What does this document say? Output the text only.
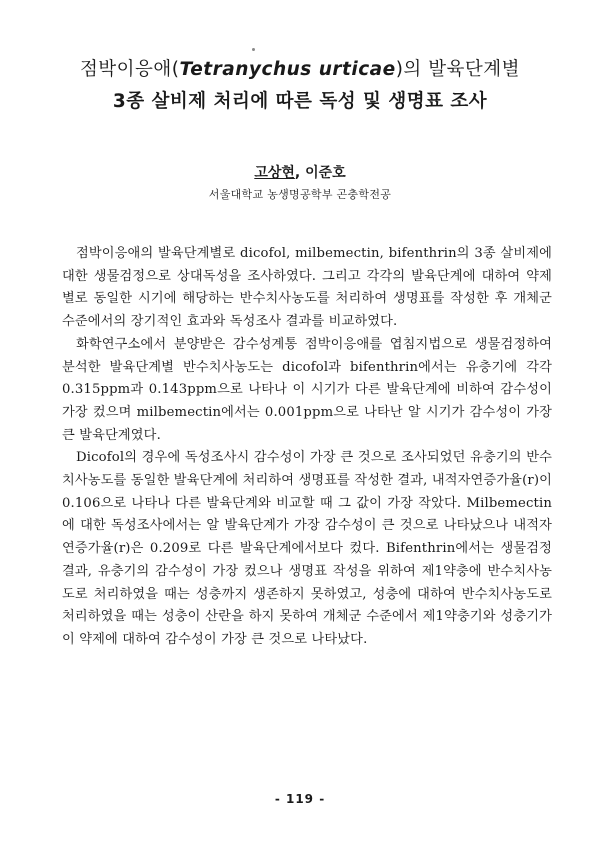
점박이응애(Tetranychus urticae)의 발육단계별
3종 살비제 처리에 따른 독성 및 생명표 조사
고상현, 이준호
서울대학교 농생명공학부 곤충학전공

점박이응애의 발육단계별로 dicofol, milbemectin, bifenthrin의 3종 살비제에 대한 생물검정으로 상대독성을 조사하였다. 그리고 각각의 발육단계에 대하여 약제별로 동일한 시기에 해당하는 반수치사농도를 처리하여 생명표를 작성한 후 개체군 수준에서의 장기적인 효과와 독성조사 결과를 비교하였다.

화학연구소에서 분양받은 감수성계통 점박이응애를 엽침지법으로 생물검정하여 분석한 발육단계별 반수치사농도는 dicofol과 bifenthrin에서는 유충기에 각각 0.315ppm과 0.143ppm으로 나타나 이 시기가 다른 발육단계에 비하여 감수성이 가장 컸으며 milbemectin에서는 0.001ppm으로 나타난 알 시기가 감수성이 가장 큰 발육단계였다.

Dicofol의 경우에 독성조사시 감수성이 가장 큰 것으로 조사되었던 유충기의 반수치사농도를 동일한 발육단계에 처리하여 생명표를 작성한 결과, 내적자연증가율(r)이 0.106으로 나타나 다른 발육단계와 비교할 때 그 값이 가장 작았다. Milbemectin에 대한 독성조사에서는 알 발육단계가 가장 감수성이 큰 것으로 나타났으나 내적자연증가율(r)은 0.209로 다른 발육단계에서보다 컸다. Bifenthrin에서는 생물검정 결과, 유충기의 감수성이 가장 컸으나 생명표 작성을 위하여 제1약충에 반수치사농도로 처리하였을 때는 성충까지 생존하지 못하였고, 성충에 대하여 반수치사농도로 처리하였을 때는 성충이 산란을 하지 못하여 개체군 수준에서 제1약충기와 성충기가 이 약제에 대하여 감수성이 가장 큰 것으로 나타났다.

- 119 -
